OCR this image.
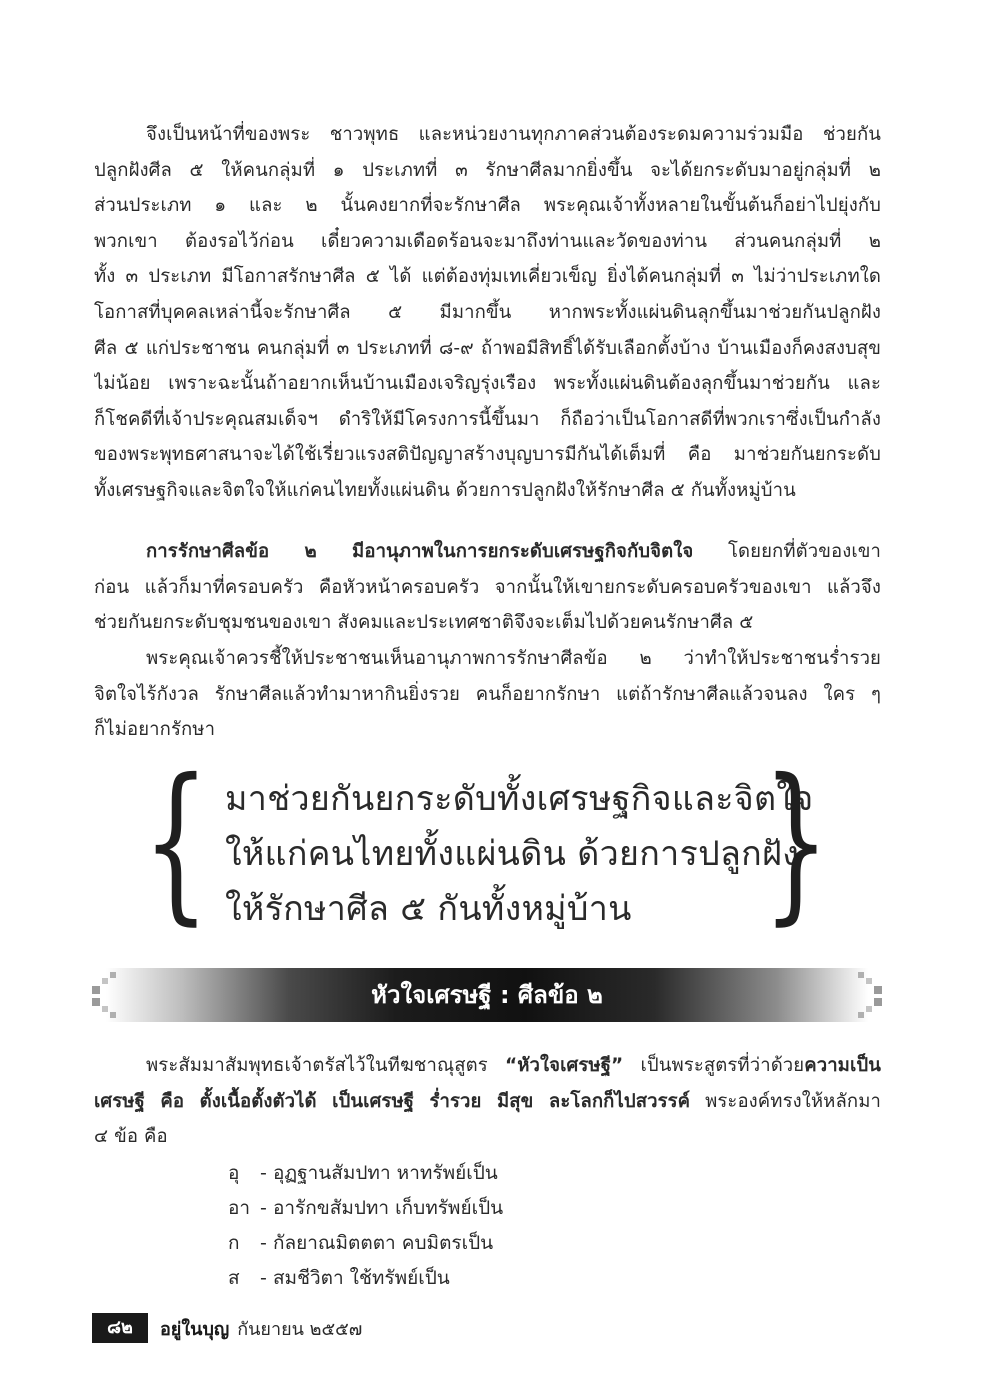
จึงเป็นหน้าที่ของพระ ชาวพุทธ และหน่วยงานทุกภาคส่วนต้องระดมความร่วมมือ ช่วยกัน
ปลูกฝังศีล ๕ ให้คนกลุ่มที่ ๑ ประเภทที่ ๓ รักษาศีลมากยิ่งขึ้น จะได้ยกระดับมาอยู่กลุ่มที่ ๒
ส่วนประเภท ๑ และ ๒ นั้นคงยากที่จะรักษาศีล พระคุณเจ้าทั้งหลายในขั้นต้นก็อย่าไปยุ่งกับ
พวกเขา ต้องรอไว้ก่อน เดี๋ยวความเดือดร้อนจะมาถึงท่านและวัดของท่าน ส่วนคนกลุ่มที่ ๒
ทั้ง ๓ ประเภท มีโอกาสรักษาศีล ๕ ได้ แต่ต้องทุ่มเทเคี่ยวเข็ญ ยิ่งได้คนกลุ่มที่ ๓ ไม่ว่าประเภทใด
โอกาสที่บุคคลเหล่านี้จะรักษาศีล ๕ มีมากขึ้น หากพระทั้งแผ่นดินลุกขึ้นมาช่วยกันปลูกฝัง
ศีล ๕ แก่ประชาชน คนกลุ่มที่ ๓ ประเภทที่ ๘-๙ ถ้าพอมีสิทธิ์ได้รับเลือกตั้งบ้าง บ้านเมืองก็คงสงบสุข
ไม่น้อย เพราะฉะนั้นถ้าอยากเห็นบ้านเมืองเจริญรุ่งเรือง พระทั้งแผ่นดินต้องลุกขึ้นมาช่วยกัน และ
ก็โชคดีที่เจ้าประคุณสมเด็จฯ ดำริให้มีโครงการนี้ขึ้นมา ก็ถือว่าเป็นโอกาสดีที่พวกเราซึ่งเป็นกำลัง
ของพระพุทธศาสนาจะได้ใช้เรี่ยวแรงสติปัญญาสร้างบุญบารมีกันได้เต็มที่ คือ มาช่วยกันยกระดับ
ทั้งเศรษฐกิจและจิตใจให้แก่คนไทยทั้งแผ่นดิน ด้วยการปลูกฝังให้รักษาศีล ๕ กันทั้งหมู่บ้าน
การรักษาศีลข้อ ๒ มีอานุภาพในการยกระดับเศรษฐกิจกับจิตใจ โดยยกที่ตัวของเขา
ก่อน แล้วก็มาที่ครอบครัว คือหัวหน้าครอบครัว จากนั้นให้เขายกระดับครอบครัวของเขา แล้วจึง
ช่วยกันยกระดับชุมชนของเขา สังคมและประเทศชาติจึงจะเต็มไปด้วยคนรักษาศีล ๕
พระคุณเจ้าควรชี้ให้ประชาชนเห็นอานุภาพการรักษาศีลข้อ ๒ ว่าทำให้ประชาชนร่ำรวย
จิตใจไร้กังวล รักษาศีลแล้วทำมาหากินยิ่งรวย คนก็อยากรักษา แต่ถ้ารักษาศีลแล้วจนลง ใคร ๆ
ก็ไม่อยากรักษา
{ มาช่วยกันยกระดับทั้งเศรษฐกิจและจิตใจ
ให้แก่คนไทยทั้งแผ่นดิน ด้วยการปลูกฝัง
ให้รักษาศีล ๕ กันทั้งหมู่บ้าน }
หัวใจเศรษฐี : ศีลข้อ ๒
พระสัมมาสัมพุทธเจ้าตรัสไว้ในทีฆชาณุสูตร “หัวใจเศรษฐี” เป็นพระสูตรที่ว่าด้วยความเป็น
เศรษฐี คือ ตั้งเนื้อตั้งตัวได้ เป็นเศรษฐี ร่ำรวย มีสุข ละโลกก็ไปสวรรค์ พระองค์ทรงให้หลักมา
๔ ข้อ คือ
อุ - อุฏฐานสัมปทา หาทรัพย์เป็น
อา - อารักขสัมปทา เก็บทรัพย์เป็น
ก - กัลยาณมิตตตา คบมิตรเป็น
ส - สมชีวิตา ใช้ทรัพย์เป็น
๘๒	อยู่ในบุญ กันยายน ๒๕๕๗
